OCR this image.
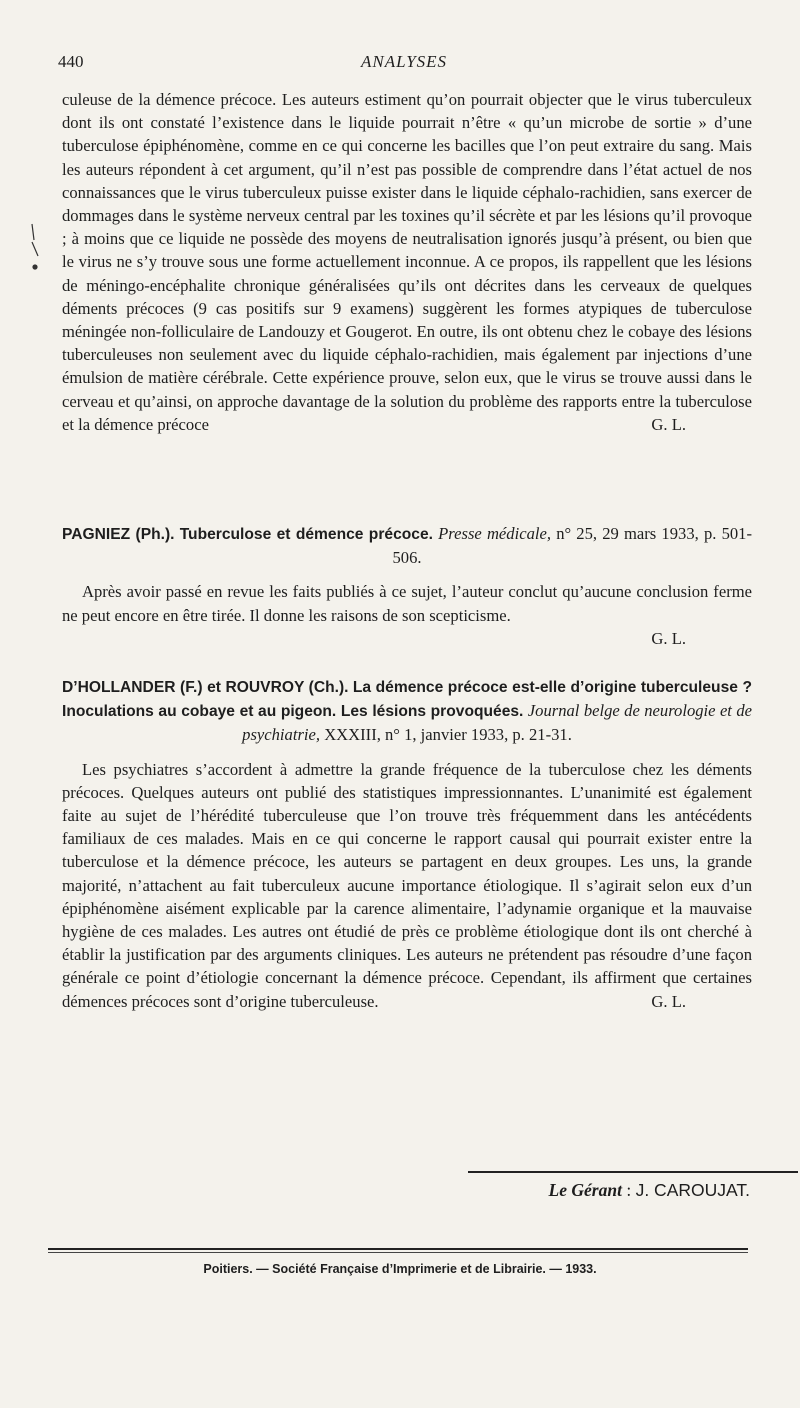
440	ANALYSES

culeuse de la démence précoce. Les auteurs estiment qu’on pourrait objecter que le virus tuberculeux dont ils ont constaté l’existence dans le liquide pourrait n’être « qu’un microbe de sortie » d’une tuberculose épiphénomène, comme en ce qui concerne les bacilles que l’on peut extraire du sang. Mais les auteurs répondent à cet argument, qu’il n’est pas possible de comprendre dans l’état actuel de nos connaissances que le virus tuberculeux puisse exister dans le liquide céphalo-rachidien, sans exercer de dommages dans le système nerveux central par les toxines qu’il sécrète et par les lésions qu’il provoque ; à moins que ce liquide ne possède des moyens de neutralisation ignorés jusqu’à présent, ou bien que le virus ne s’y trouve sous une forme actuellement inconnue. A ce propos, ils rappellent que les lésions de méningo-encéphalite chronique généralisées qu’ils ont décrites dans les cerveaux de quelques déments précoces (9 cas positifs sur 9 examens) suggèrent les formes atypiques de tuberculose méningée non-folliculaire de Landouzy et Gougerot. En outre, ils ont obtenu chez le cobaye des lésions tuberculeuses non seulement avec du liquide céphalo-rachidien, mais également par injections d’une émulsion de matière cérébrale. Cette expérience prouve, selon eux, que le virus se trouve aussi dans le cerveau et qu’ainsi, on approche davantage de la solution du problème des rapports entre la tuberculose et la démence précoce	G. L.

PAGNIEZ (Ph.). Tuberculose et démence précoce. Presse médicale, n° 25, 29 mars 1933, p. 501-506.

Après avoir passé en revue les faits publiés à ce sujet, l’auteur conclut qu’aucune conclusion ferme ne peut encore en être tirée. Il donne les raisons de son scepticisme.

G. L.

D’HOLLANDER (F.) et ROUVROY (Ch.). La démence précoce est-elle d’origine tuberculeuse ? Inoculations au cobaye et au pigeon. Les lésions provoquées. Journal belge de neurologie et de psychiatrie, XXXIII, n° 1, janvier 1933, p. 21-31.

Les psychiatres s’accordent à admettre la grande fréquence de la tuberculose chez les déments précoces. Quelques auteurs ont publié des statistiques impressionnantes. L’unanimité est également faite au sujet de l’hérédité tuberculeuse que l’on trouve très fréquemment dans les antécédents familiaux de ces malades. Mais en ce qui concerne le rapport causal qui pourrait exister entre la tuberculose et la démence précoce, les auteurs se partagent en deux groupes. Les uns, la grande majorité, n’attachent au fait tuberculeux aucune importance étiologique. Il s’agirait selon eux d’un épiphénomène aisément explicable par la carence alimentaire, l’adynamie organique et la mauvaise hygiène de ces malades. Les autres ont étudié de près ce problème étiologique dont ils ont cherché à établir la justification par des arguments cliniques. Les auteurs ne prétendent pas résoudre d’une façon générale ce point d’étiologie concernant la démence précoce. Cependant, ils affirment que certaines démences précoces sont d’origine tuberculeuse.	G. L.

Le Gérant : J. CAROUJAT.
Poitiers. — Société Française d’Imprimerie et de Librairie. — 1933.
